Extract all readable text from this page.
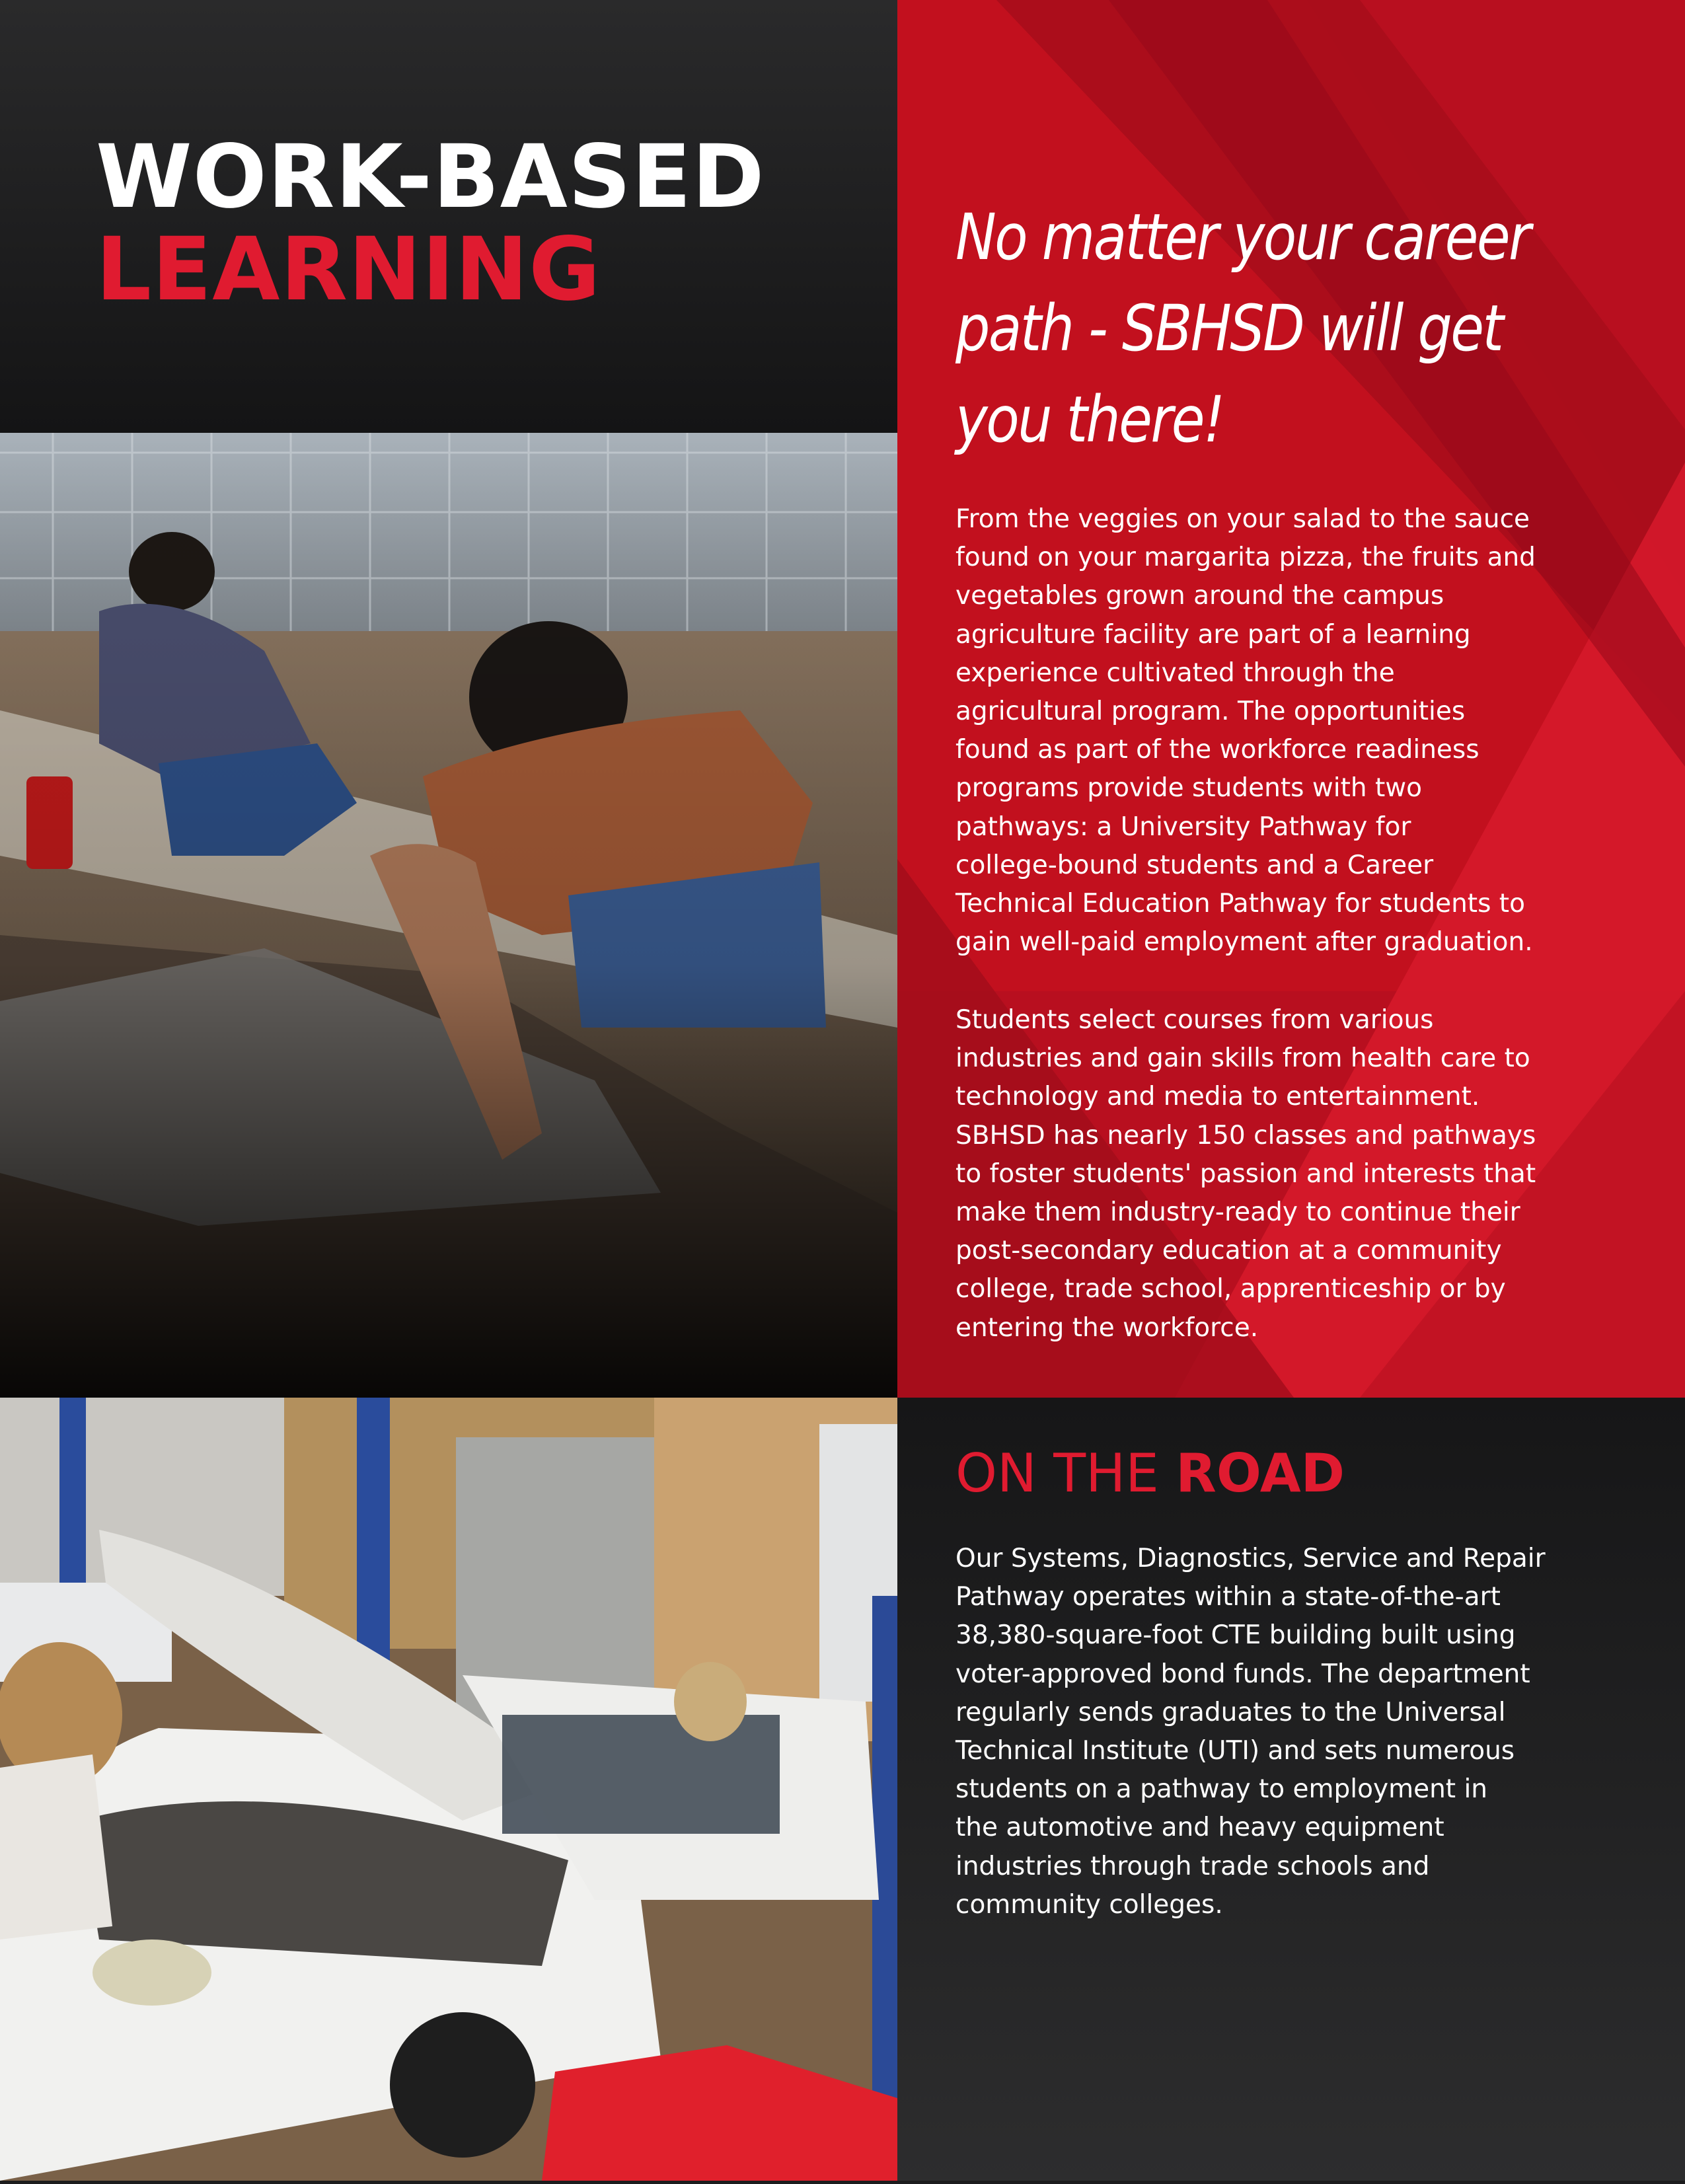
WORK-BASED
LEARNING	No matter your career path - SBHSD will get you there!

From the veggies on your salad to the sauce
found on your margarita pizza, the fruits and
vegetables grown around the campus
agriculture facility are part of a learning
experience cultivated through the
agricultural program. The opportunities
found as part of the workforce readiness
programs provide students with two
pathways: a University Pathway for
college-bound students and a Career
Technical Education Pathway for students to
gain well-paid employment after graduation.

Students select courses from various
industries and gain skills from health care to
technology and media to entertainment.
SBHSD has nearly 150 classes and pathways
to foster students' passion and interests that
make them industry-ready to continue their
post-secondary education at a community
college, trade school, apprenticeship or by
entering the workforce.

ON THE ROAD

Our Systems, Diagnostics, Service and Repair
Pathway operates within a state-of-the-art
38,380-square-foot CTE building built using
voter-approved bond funds. The department
regularly sends graduates to the Universal
Technical Institute (UTI) and sets numerous
students on a pathway to employment in
the automotive and heavy equipment
industries through trade schools and
community colleges.
